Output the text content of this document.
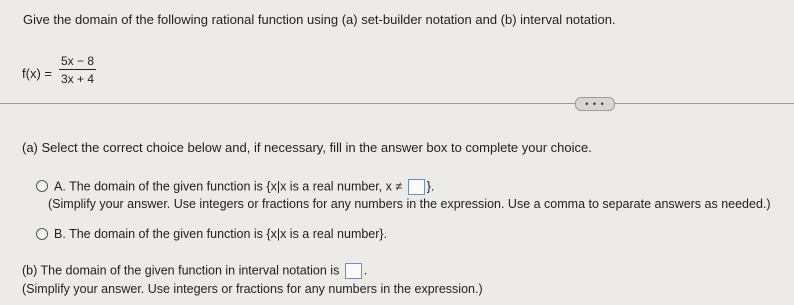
Give the domain of the following rational function using (a) set-builder notation and (b) interval notation.
f(x) =
5x − 8
3x + 4
• • •
(a) Select the correct choice below and, if necessary, fill in the answer box to complete your choice.
A. The domain of the given function is {x|x is a real number, x ≠ }.
(Simplify your answer. Use integers or fractions for any numbers in the expression. Use a comma to separate answers as needed.)
B. The domain of the given function is {x|x is a real number}.
(b) The domain of the given function in interval notation is .
(Simplify your answer. Use integers or fractions for any numbers in the expression.)
